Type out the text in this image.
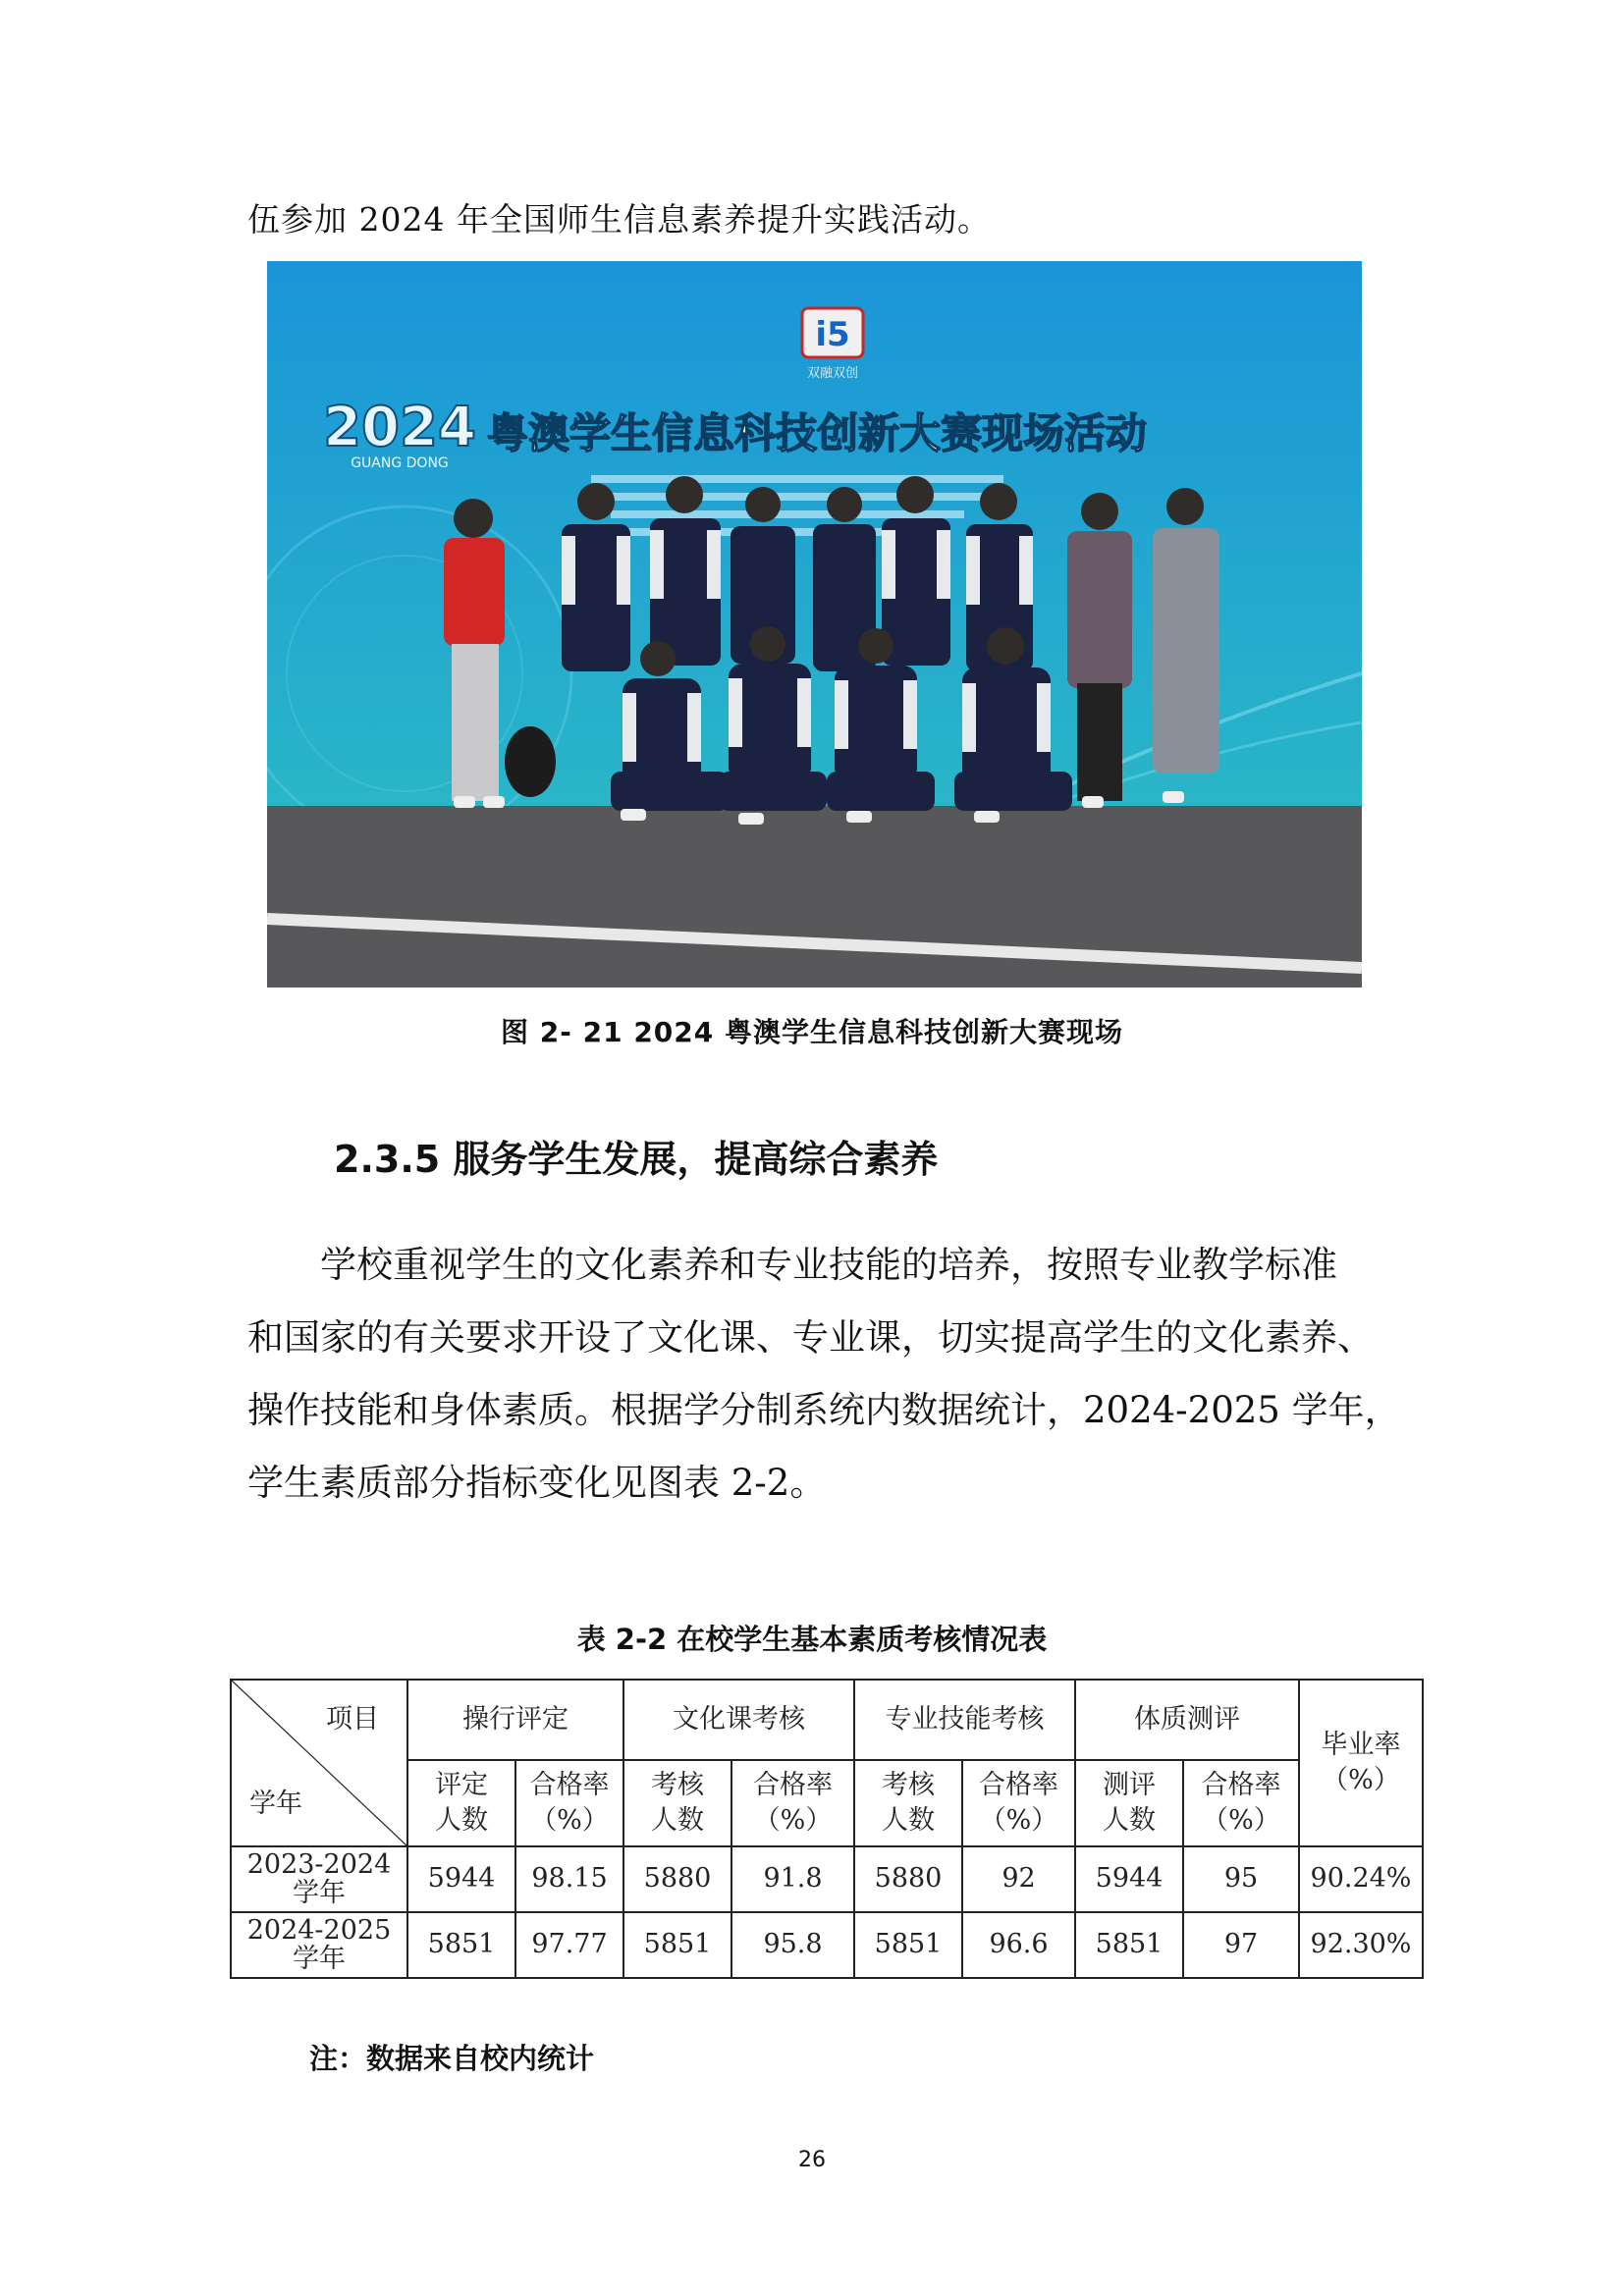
伍参加 2024 年全国师生信息素养提升实践活动。
i5
双融双创
2024
GUANG DONG
粤澳学生信息科技创新大赛现场活动
图 2- 21 2024 粤澳学生信息科技创新大赛现场
2.3.5 服务学生发展，提高综合素养
学校重视学生的文化素养和专业技能的培养，按照专业教学标准
和国家的有关要求开设了文化课、专业课，切实提高学生的文化素养、
操作技能和身体素质。根据学分制系统内数据统计，2024-2025 学年，
学生素质部分指标变化见图表 2-2。
表 2-2 在校学生基本素质考核情况表
项目
学年	操行评定		文化课考核		专业技能考核		体质测评		毕业率
（%）
	评定
人数	合格率
（%）	考核
人数	合格率
（%）	考核
人数	合格率
（%）	测评
人数	合格率
（%）	
2023-2024
学年	5944	98.15	5880	91.8	5880	92	5944	95	90.24%
2024-2025
学年	5851	97.77	5851	95.8	5851	96.6	5851	97	92.30%
注：数据来自校内统计
26
